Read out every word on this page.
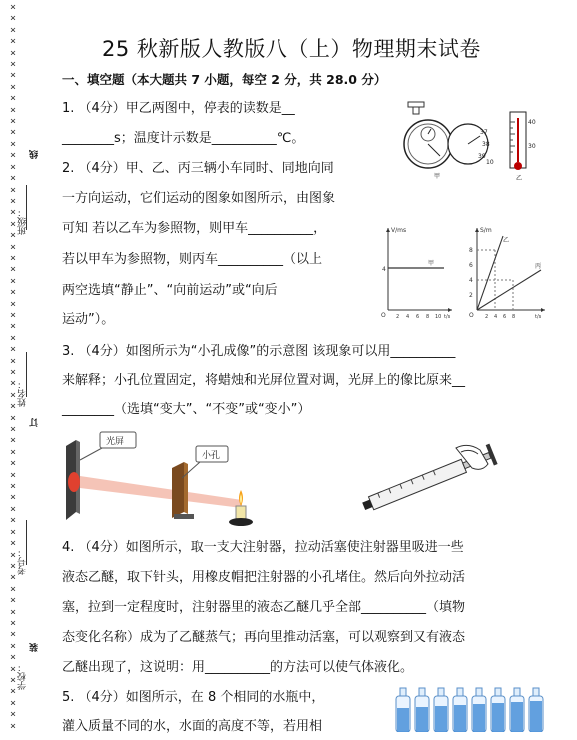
××××××××××××××××××××××××××××××××××××××××××××××××××××××××××××××××
班级：
姓名：
考号：
学校：
线
订
装
25 秋新版人教版八（上）物理期末试卷
一、填空题（本大题共 7 小题，每空 2 分，共 28.0 分）
1. （4分）甲乙两图中，停表的读数是__
________s；温度计示数是__________℃。
2. （4分）甲、乙、丙三辆小车同时、同地向同
一方向运动，它们运动的图象如图所示，由图象
可知 若以乙车为参照物，则甲车__________，
若以甲车为参照物，则丙车__________（以上
两空选填“静止”、“向前运动”或“向后
运动”）。
3. （4分）如图所示为“小孔成像”的示意图 该现象可以用__________
来解释；小孔位置固定，将蜡烛和光屏位置对调，光屏上的像比原来__
________（选填“变大”、“不变”或“变小”）
4. （4分）如图所示，取一支大注射器，拉动活塞使注射器里吸进一些
液态乙醚，取下针头，用橡皮帽把注射器的小孔堵住。然后向外拉动活
塞，拉到一定程度时，注射器里的液态乙醚几乎全部__________（填物
态变化名称）成为了乙醚蒸气；再向里推动活塞，可以观察到又有液态
乙醚出现了，这说明：用__________的方法可以使气体液化。
5. （4分）如图所示，在 8 个相同的水瓶中，
灌入质量不同的水，水面的高度不等，若用相
37
38
39
10
甲
40
30
乙
V/ms
4
甲
O 2 4 6 8 10 t/s
S/m
乙
丙
8
6
4
2
O 2 4 6 8	t/s
光屏
小孔
